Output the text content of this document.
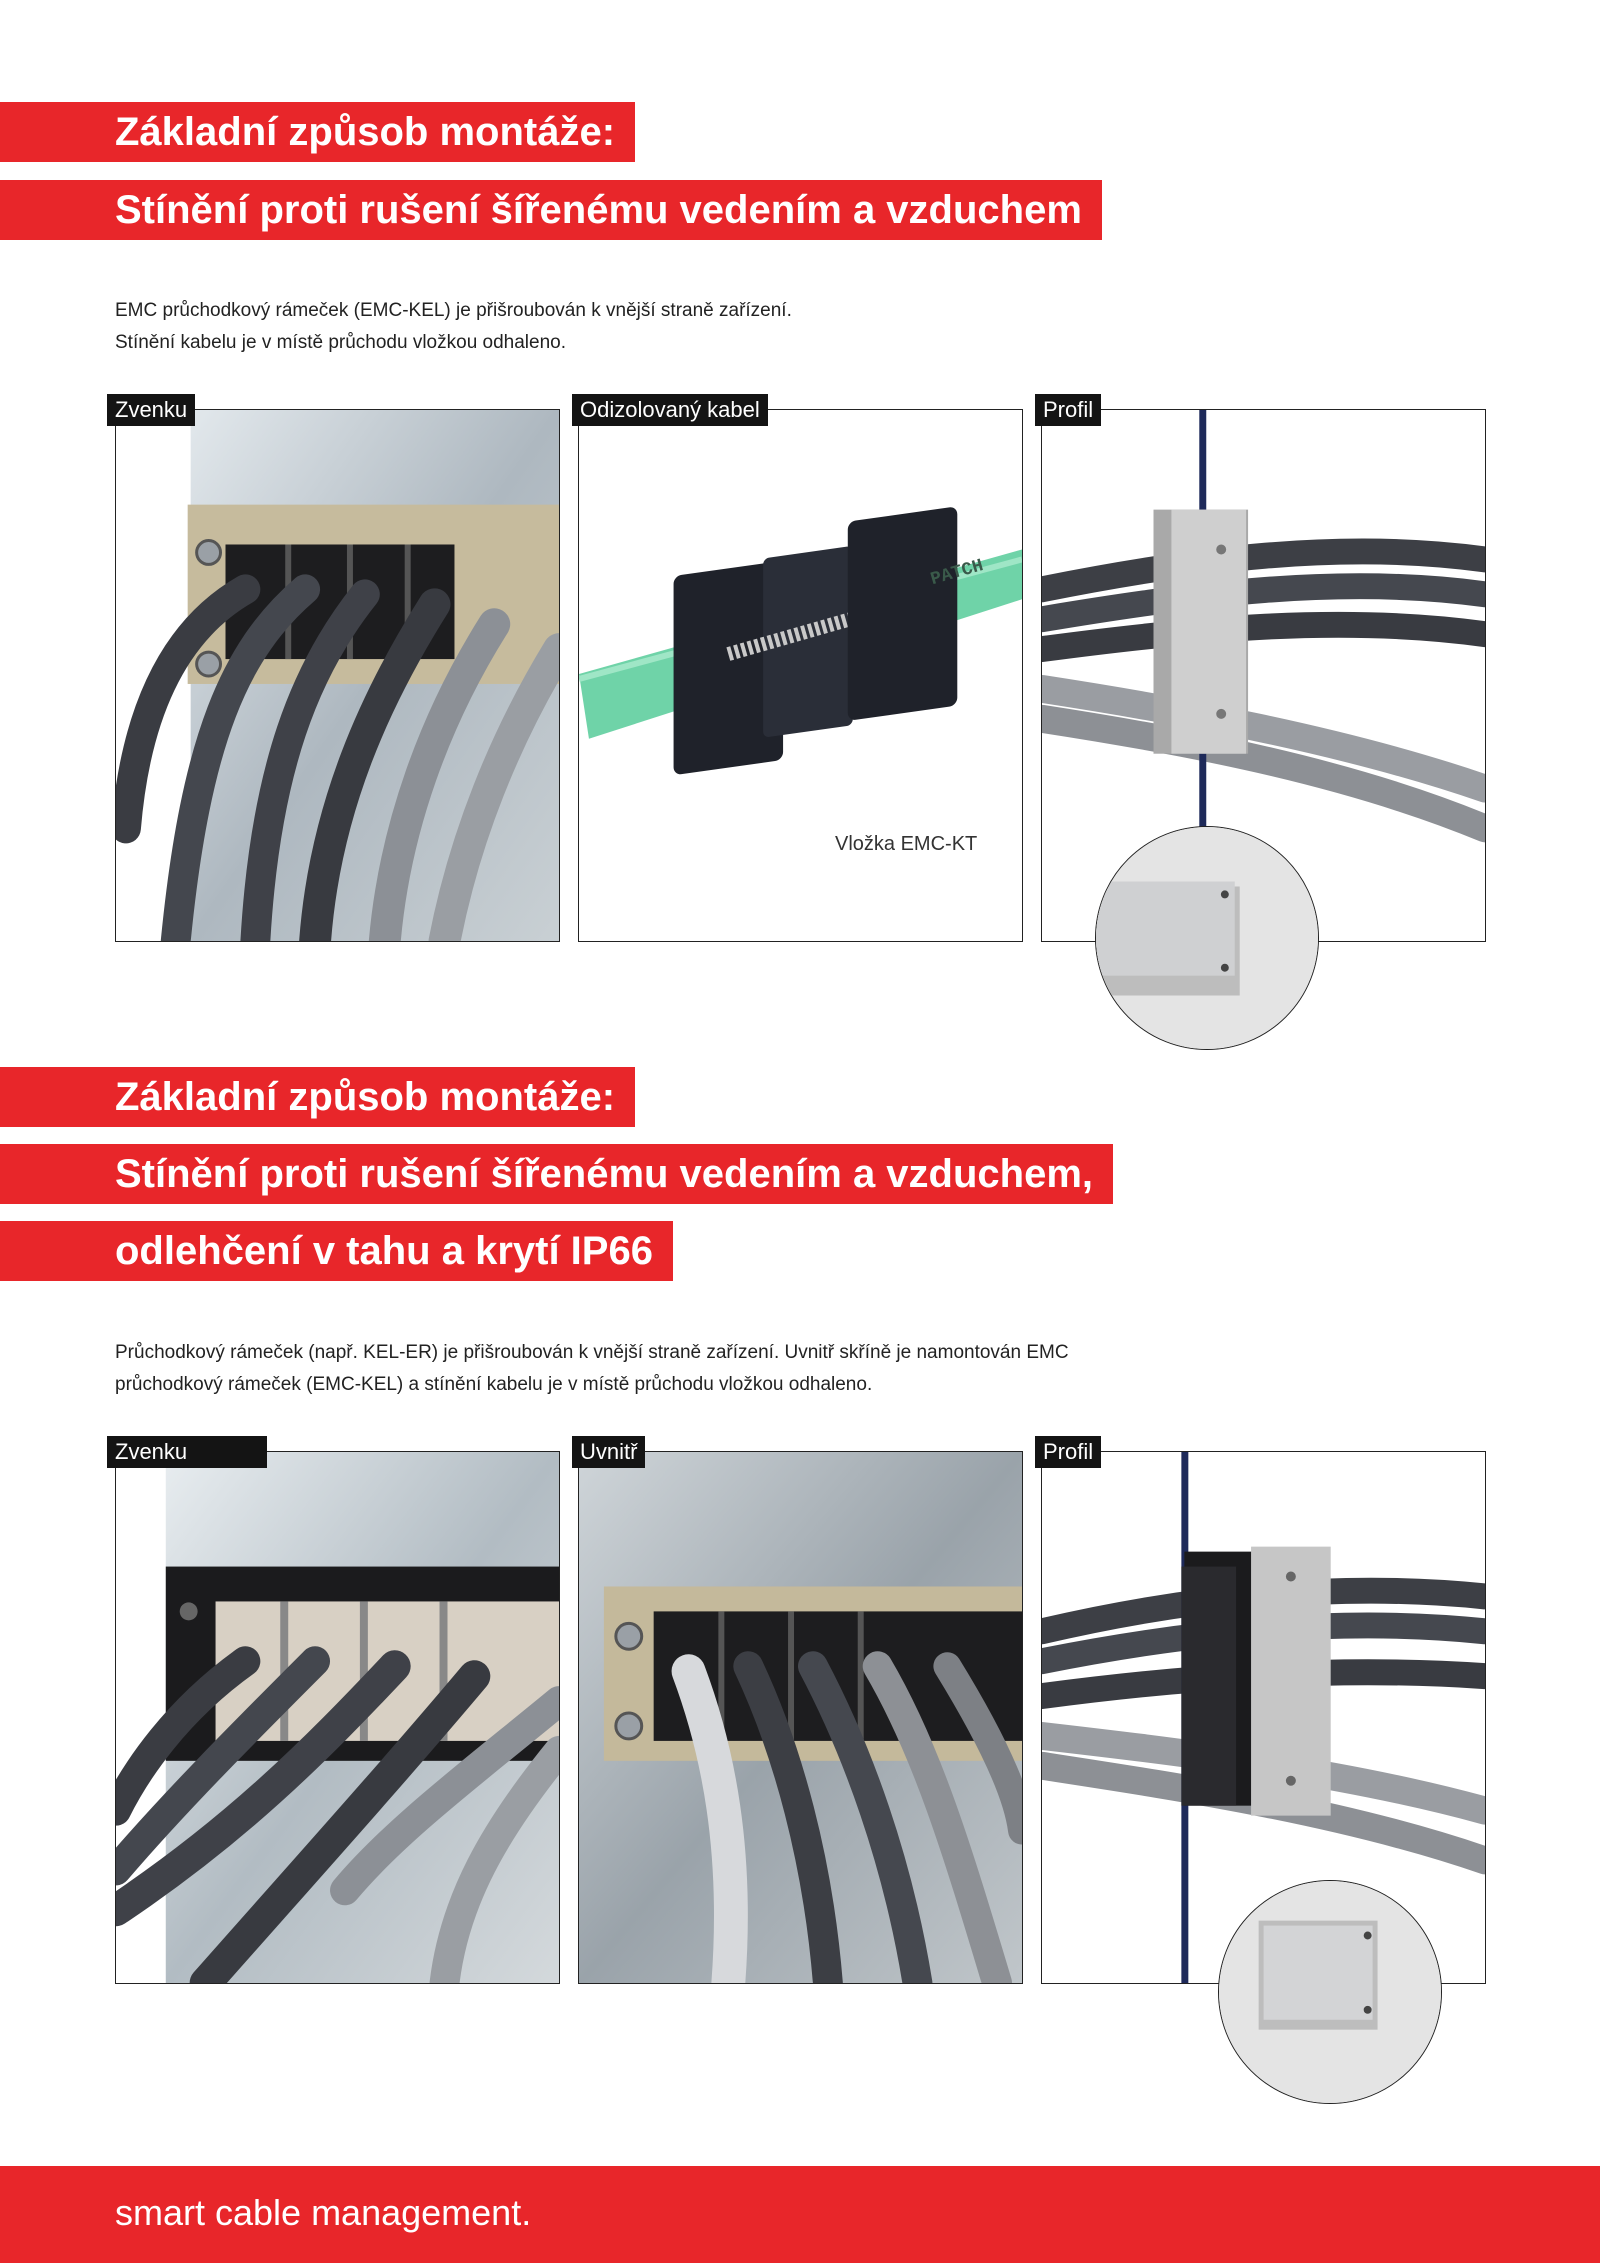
Základní způsob montáže:
Stínění proti rušení šířenému vedením a vzduchem
EMC průchodkový rámeček (EMC-KEL) je přišroubován k vnější straně zařízení.
Stínění kabelu je v místě průchodu vložkou odhaleno.
Zvenku	Odizolovaný kabel
PATCH
Vložka EMC-KT
Profil
Základní způsob montáže:
Stínění proti rušení šířenému vedením a vzduchem,
odlehčení v tahu a krytí IP66
Průchodkový rámeček (např. KEL-ER) je přišroubován k vnější straně zařízení. Uvnitř skříně je namontován EMC
průchodkový rámeček (EMC-KEL) a stínění kabelu je v místě průchodu vložkou odhaleno.
Zvenku	Uvnitř	Profil
smart cable management.
